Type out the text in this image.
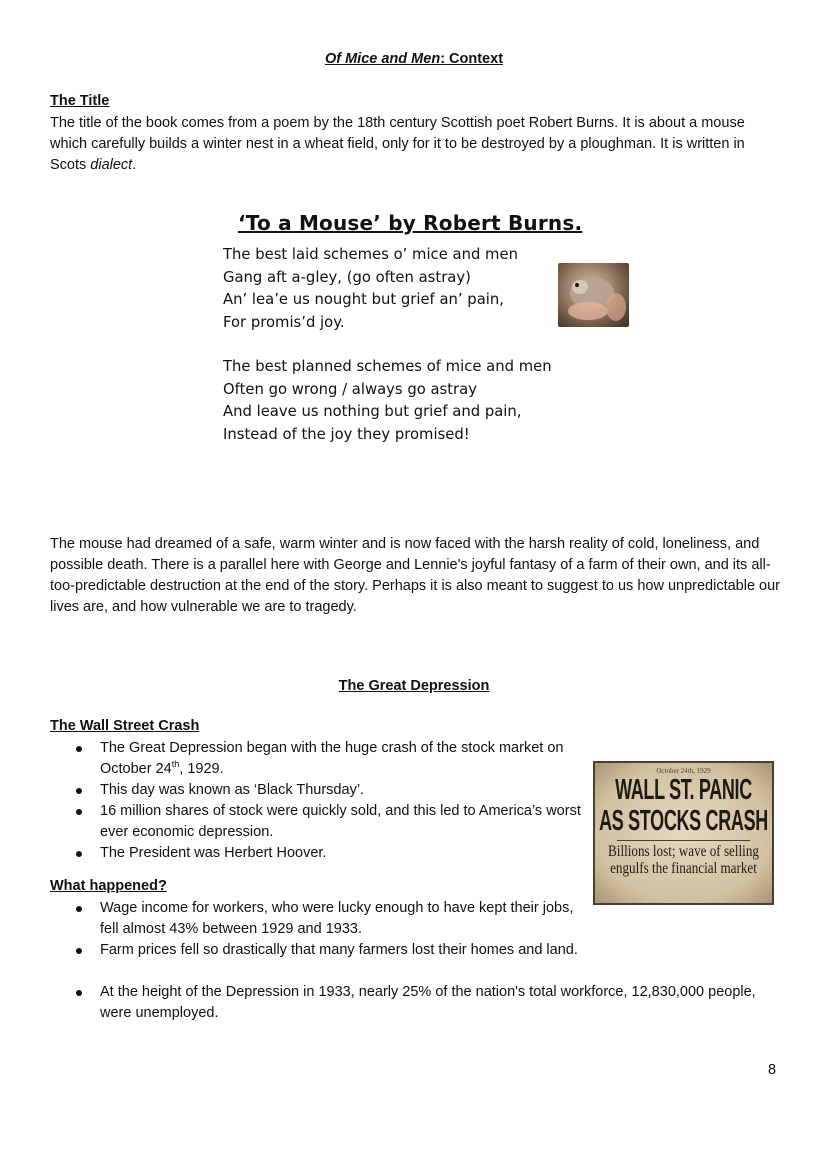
Of Mice and Men: Context
The Title
The title of the book comes from a poem by the 18th century Scottish poet Robert Burns. It is about a mouse which carefully builds a winter nest in a wheat field, only for it to be destroyed by a ploughman. It is written in Scots dialect.
‘To a Mouse’ by Robert Burns.
The best laid schemes o’ mice and men
Gang aft a-gley, (go often astray)
An’ lea’e us nought but grief an’ pain,
For promis’d joy.
The best planned schemes of mice and men
Often go wrong / always go astray
And leave us nothing but grief and pain,
Instead of the joy they promised!
The mouse had dreamed of a safe, warm winter and is now faced with the harsh reality of cold, loneliness, and possible death. There is a parallel here with George and Lennie's joyful fantasy of a farm of their own, and its all-too-predictable destruction at the end of the story. Perhaps it is also meant to suggest to us how unpredictable our lives are, and how vulnerable we are to tragedy.
The Great Depression
The Wall Street Crash
The Great Depression began with the huge crash of the stock market on October 24th, 1929.
This day was known as ‘Black Thursday’.
16 million shares of stock were quickly sold, and this led to America’s worst ever economic depression.
The President was Herbert Hoover.
October 24th, 1929
WALL ST. PANIC
AS STOCKS CRASH
Billions lost; wave of selling
engulfs the financial market
What happened?
Wage income for workers, who were lucky enough to have kept their jobs, fell almost 43% between 1929 and 1933.
Farm prices fell so drastically that many farmers lost their homes and land.
At the height of the Depression in 1933, nearly 25% of the nation's total workforce, 12,830,000 people, were unemployed.
8
